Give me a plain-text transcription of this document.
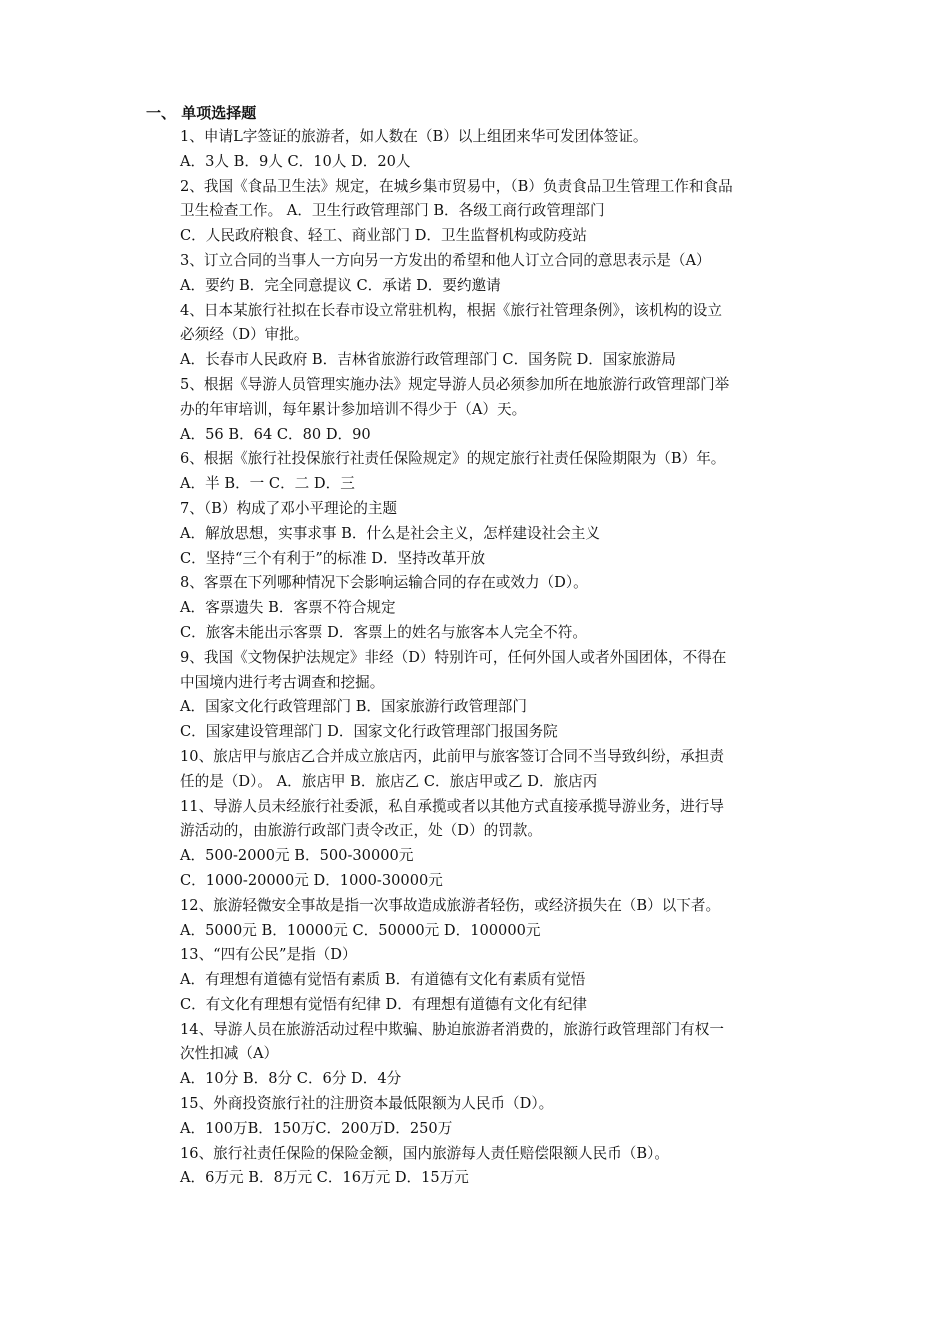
一、 单项选择题
1、申请L字签证的旅游者，如人数在（B）以上组团来华可发团体签证。
A．3人 B．9人 C．10人 D．20人
2、我国《食品卫生法》规定，在城乡集市贸易中，（B）负责食品卫生管理工作和食品
卫生检查工作。 A．卫生行政管理部门 B．各级工商行政管理部门
C．人民政府粮食、轻工、商业部门 D．卫生监督机构或防疫站
3、订立合同的当事人一方向另一方发出的希望和他人订立合同的意思表示是（A）
A．要约 B．完全同意提议 C．承诺 D．要约邀请
4、日本某旅行社拟在长春市设立常驻机构，根据《旅行社管理条例》，该机构的设立
必须经（D）审批。
A．长春市人民政府 B．吉林省旅游行政管理部门 C．国务院 D．国家旅游局
5、根据《导游人员管理实施办法》规定导游人员必须参加所在地旅游行政管理部门举
办的年审培训，每年累计参加培训不得少于（A）天。
A．56 B．64 C．80 D．90
6、根据《旅行社投保旅行社责任保险规定》的规定旅行社责任保险期限为（B）年。
A．半 B．一 C．二 D．三
7、（B）构成了邓小平理论的主题
A．解放思想，实事求事 B．什么是社会主义，怎样建设社会主义
C．坚持“三个有利于”的标准 D．坚持改革开放
8、客票在下列哪种情况下会影响运输合同的存在或效力（D）。
A．客票遗失 B．客票不符合规定
C．旅客未能出示客票 D．客票上的姓名与旅客本人完全不符。
9、我国《文物保护法规定》非经（D）特别许可，任何外国人或者外国团体，不得在
中国境内进行考古调查和挖掘。
A．国家文化行政管理部门 B．国家旅游行政管理部门
C．国家建设管理部门 D．国家文化行政管理部门报国务院
10、旅店甲与旅店乙合并成立旅店丙，此前甲与旅客签订合同不当导致纠纷，承担责
任的是（D）。 A．旅店甲 B．旅店乙 C．旅店甲或乙 D．旅店丙
11、导游人员未经旅行社委派，私自承揽或者以其他方式直接承揽导游业务，进行导
游活动的，由旅游行政部门责令改正，处（D）的罚款。
A．500-2000元 B．500-30000元
C．1000-20000元 D．1000-30000元
12、旅游轻微安全事故是指一次事故造成旅游者轻伤，或经济损失在（B）以下者。
A．5000元 B．10000元 C．50000元 D．100000元
13、“四有公民”是指（D）
A．有理想有道德有觉悟有素质 B．有道德有文化有素质有觉悟
C．有文化有理想有觉悟有纪律 D．有理想有道德有文化有纪律
14、导游人员在旅游活动过程中欺骗、胁迫旅游者消费的，旅游行政管理部门有权一
次性扣减（A）
A．10分 B．8分 C．6分 D．4分
15、外商投资旅行社的注册资本最低限额为人民币（D）。
A．100万B．150万C．200万D．250万
16、旅行社责任保险的保险金额，国内旅游每人责任赔偿限额人民币（B）。
A．6万元 B．8万元 C．16万元 D．15万元
